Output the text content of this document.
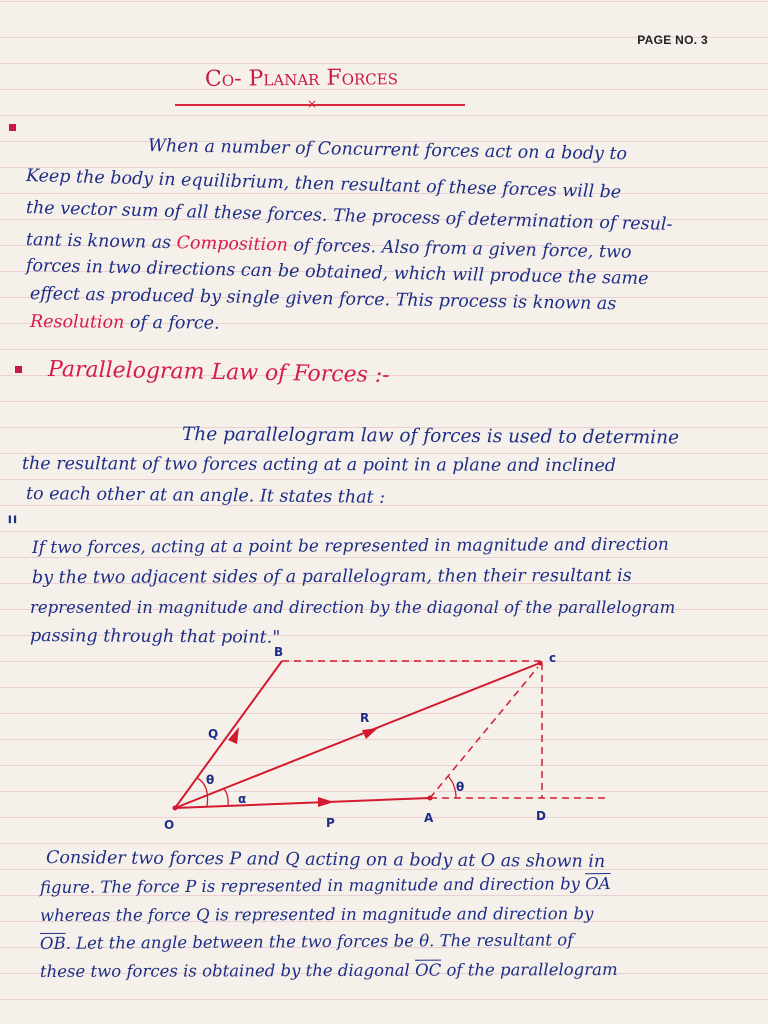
PAGE NO. 3
Co- Planar Forces
×
When a number of Concurrent forces act on a body to
Keep the body in equilibrium, then resultant of these forces will be
the vector sum of all these forces. The process of determination of resul-
tant is known as Composition of forces. Also from a given force, two
forces in two directions can be obtained, which will produce the same
effect as produced by single given force. This process is known as
Resolution of a force.
Parallelogram Law of Forces :-
The parallelogram law of forces is used to determine
the resultant of two forces acting at a point in a plane and inclined
to each other at an angle. It states that :
"
If two forces, acting at a point be represented in magnitude and direction
by the two adjacent sides of a parallelogram, then their resultant is
represented in magnitude and direction by the diagonal of the parallelogram
passing through that point."
B	c
O	A	D
P
Q
R
θ
α
θ
Consider two forces P and Q acting on a body at O as shown in
figure. The force P is represented in magnitude and direction by $\overline{OA}$
whereas the force Q is represented in magnitude and direction by
$\overline{OB}$. Let the angle between the two forces be θ. The resultant of
these two forces is obtained by the diagonal $\overline{OC}$ of the parallelogram
